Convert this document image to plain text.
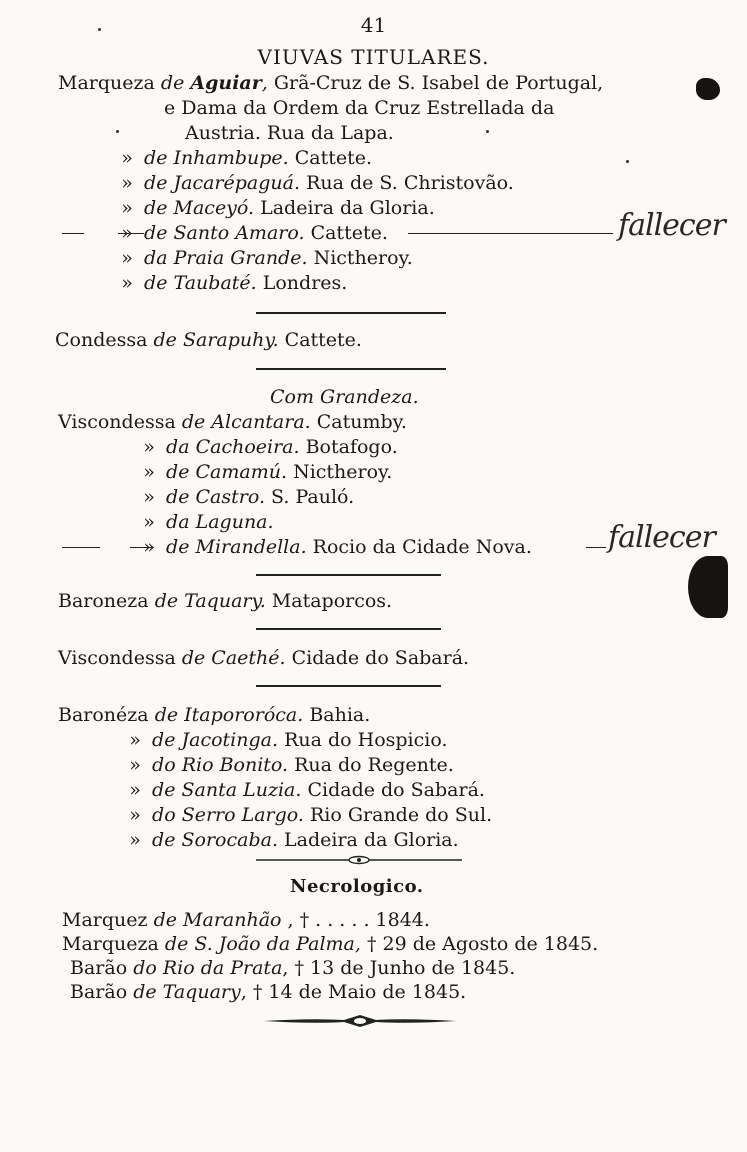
41
VIUVAS TITULARES.
Marqueza de Aguiar, Grã-Cruz de S. Isabel de Portugal,
e Dama da Ordem da Cruz Estrellada da
Austria. Rua da Lapa.
» de Inhambupe. Cattete.
» de Jacarépaguá. Rua de S. Christovão.
» de Maceyó. Ladeira da Gloria.
» de Santo Amaro. Cattete.
» da Praia Grande. Nictheroy.
» de Taubaté. Londres.
fallecer
Condessa de Sarapuhy. Cattete.
Com Grandeza.
Viscondessa de Alcantara. Catumby.
» da Cachoeira. Botafogo.
» de Camamú. Nictheroy.
» de Castro. S. Pauló.
» da Laguna.
» de Mirandella. Rocio da Cidade Nova.	fallecer
Baroneza de Taquary. Mataporcos.
Viscondessa de Caethé. Cidade do Sabará.
Baronéza de Itapororóca. Bahia.
» de Jacotinga. Rua do Hospicio.
» do Rio Bonito. Rua do Regente.
» de Santa Luzia. Cidade do Sabará.
» do Serro Largo. Rio Grande do Sul.
» de Sorocaba. Ladeira da Gloria.
Necrologico.
Marquez de Maranhão , † . . . . . 1844.
Marqueza de S. João da Palma, † 29 de Agosto de 1845.
Barão do Rio da Prata, † 13 de Junho de 1845.
Barão de Taquary, † 14 de Maio de 1845.
